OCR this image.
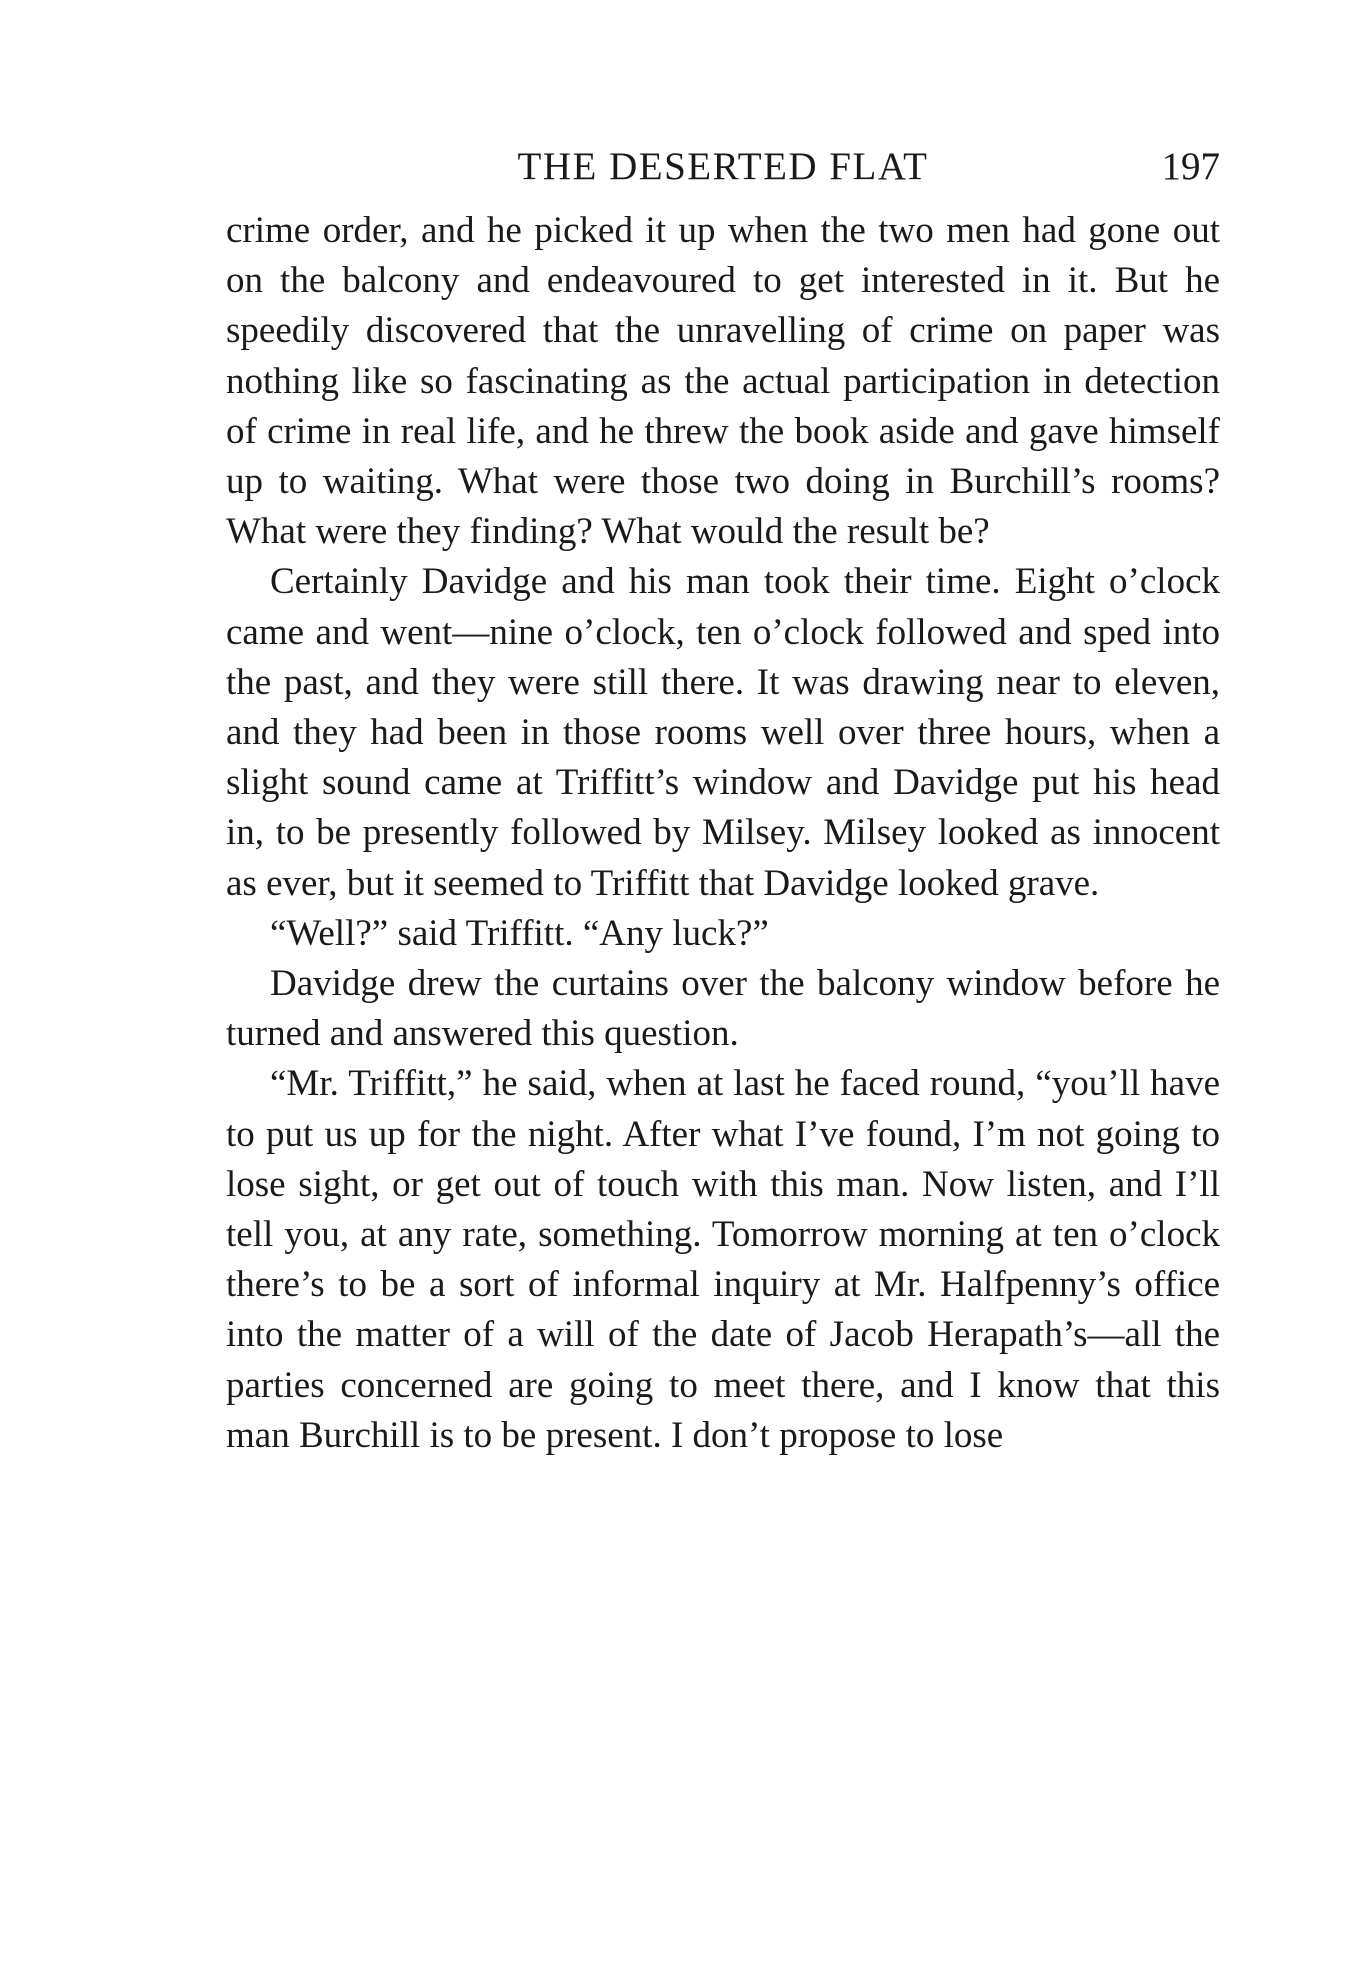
THE DESERTED FLAT	197

crime order, and he picked it up when the two men had gone out on the balcony and endeavoured to get interested in it. But he speedily discovered that the unravelling of crime on paper was nothing like so fascinating as the actual participation in detection of crime in real life, and he threw the book aside and gave himself up to waiting. What were those two doing in Burchill’s rooms? What were they finding? What would the result be?

Certainly Davidge and his man took their time. Eight o’clock came and went—nine o’clock, ten o’clock followed and sped into the past, and they were still there. It was drawing near to eleven, and they had been in those rooms well over three hours, when a slight sound came at Triffitt’s window and Davidge put his head in, to be presently followed by Milsey. Milsey looked as innocent as ever, but it seemed to Triffitt that Davidge looked grave.

“Well?” said Triffitt. “Any luck?”

Davidge drew the curtains over the balcony window before he turned and answered this question.

“Mr. Triffitt,” he said, when at last he faced round, “you’ll have to put us up for the night. After what I’ve found, I’m not going to lose sight, or get out of touch with this man. Now listen, and I’ll tell you, at any rate, something. Tomorrow morning at ten o’clock there’s to be a sort of informal inquiry at Mr. Halfpenny’s office into the matter of a will of the date of Jacob Herapath’s—all the parties concerned are going to meet there, and I know that this man Burchill is to be present. I don’t propose to lose
